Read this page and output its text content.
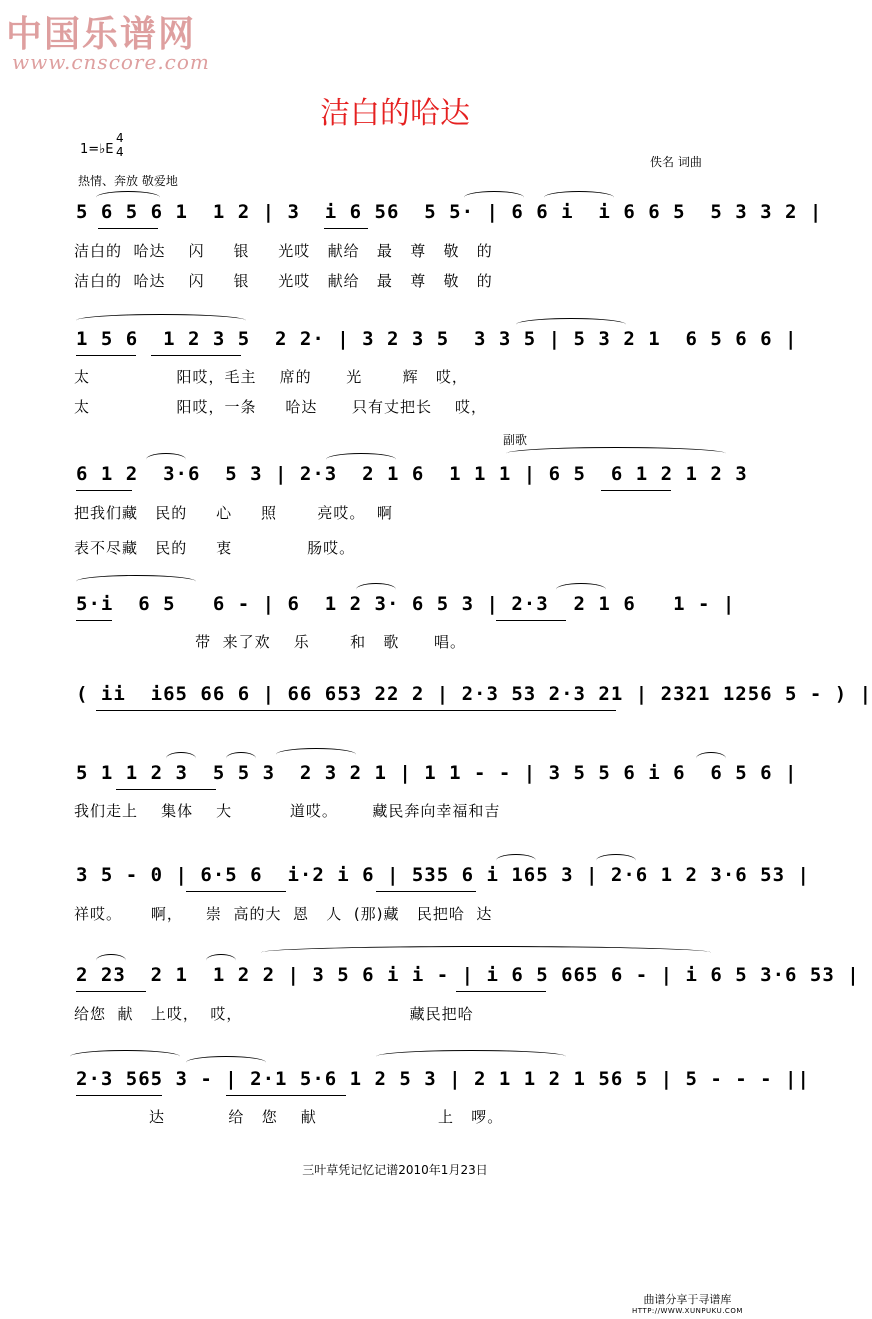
中国乐谱网
www.cnscore.com
洁白的哈达
1=♭E
4
4
热情、奔放 敬爱地
佚名 词曲
副歌
5 6 5 6 1  1 2 | 3  i 6 56  5 5· | 6 6 i  i 6 6 5  5 3 3 2 |
洁白的  哈达    闪     银     光哎   献给   最   尊   敬   的
洁白的  哈达    闪     银     光哎   献给   最   尊   敬   的
1 5 6  1 2 3 5  2 2· | 3 2 3 5  3 3 5 | 5 3 2 1  6 5 6 6 |
太               阳哎，毛主    席的      光       辉   哎，
太               阳哎，一条     哈达      只有丈把长    哎，
6 1 2  3·6  5 3 | 2·3  2 1 6  1 1 1 | 6 5  6 1 2 1 2 3
把我们藏   民的     心     照       亮哎。  啊
表不尽藏   民的     衷             肠哎。
5·i  6 5   6 - | 6  1 2 3· 6 5 3 | 2·3  2 1 6   1 - |
带  来了欢    乐       和   歌      唱。
( ii  i65 66 6 | 66 653 22 2 | 2·3 53 2·3 21 | 2321 1256 5 - ) |
5 1 1 2 3  5 5 3  2 3 2 1 | 1 1 - - | 3 5 5 6 i 6  6 5 6 |
我们走上    集体    大          道哎。      藏民奔向幸福和吉
3 5 - 0 | 6·5 6  i·2 i 6 | 535 6 i 165 3 | 2·6 1 2 3·6 53 |
祥哎。     啊，    崇  高的大  恩   人  (那)藏   民把哈  达
2 23  2 1  1 2 2 | 3 5 6 i i - | i 6 5 665 6 - | i 6 5 3·6 53 |
给您  献   上哎，  哎，                             藏民把哈
2·3 565 3 - | 2·1 5·6 1 2 5 3 | 2 1 1 2 1 56 5 | 5 - - - ||
达           给   您    献                     上   啰。
三叶草凭记忆记谱2010年1月23日
曲谱分享于寻谱库
HTTP://WWW.XUNPUKU.COM
